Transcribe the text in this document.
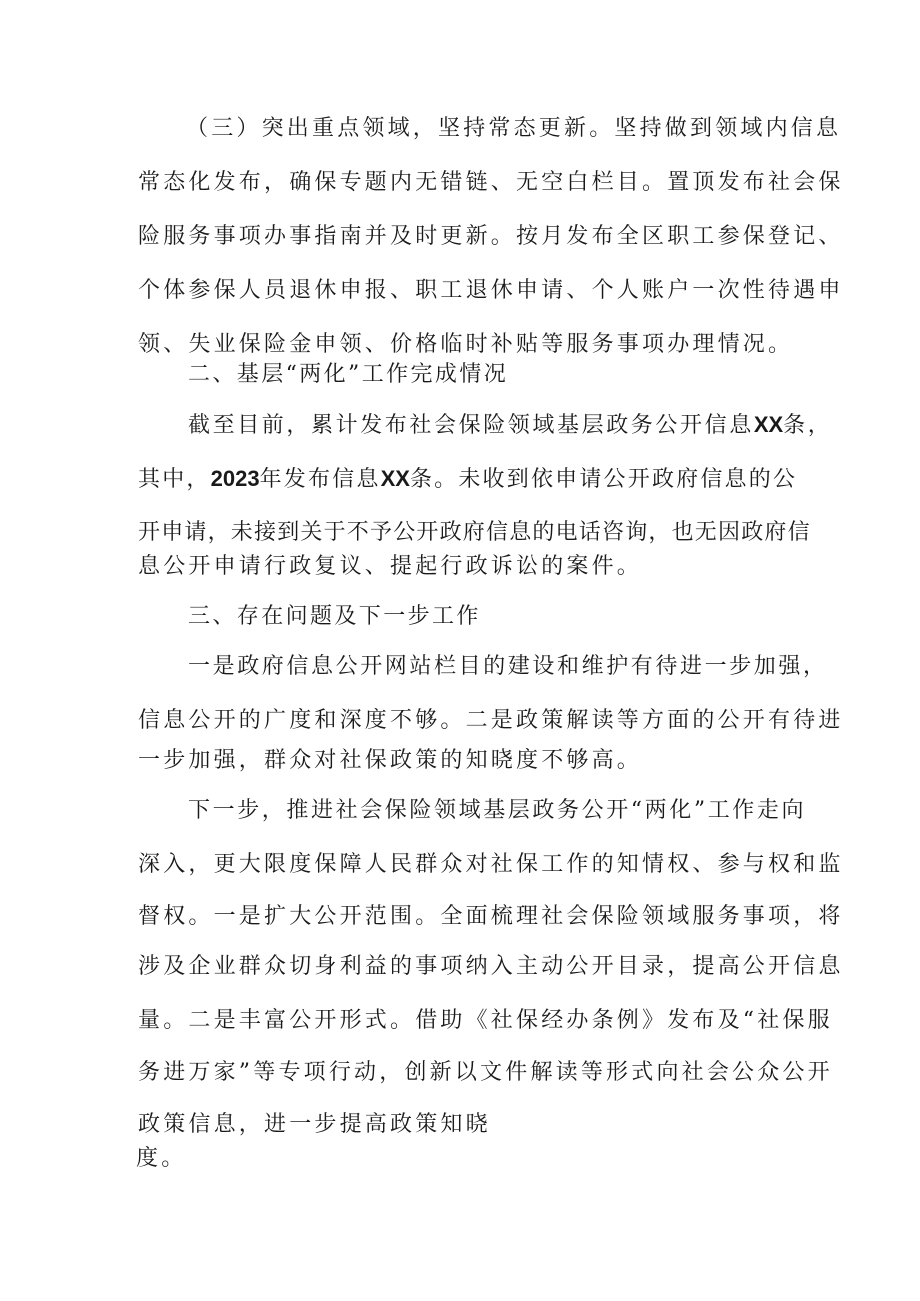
（三）突出重点领域，坚持常态更新。坚持做到领域内信息
常态化发布，确保专题内无错链、无空白栏目。置顶发布社会保
险服务事项办事指南并及时更新。按月发布全区职工参保登记、
个体参保人员退休申报、职工退休申请、个人账户一次性待遇申
领、失业保险金申领、价格临时补贴等服务事项办理情况。
二、基层“两化”工作完成情况
截至目前，累计发布社会保险领域基层政务公开信息XX条，
其中，2023年发布信息XX条。未收到依申请公开政府信息的公
开申请，未接到关于不予公开政府信息的电话咨询，也无因政府信
息公开申请行政复议、提起行政诉讼的案件。
三、存在问题及下一步工作
一是政府信息公开网站栏目的建设和维护有待进一步加强，
信息公开的广度和深度不够。二是政策解读等方面的公开有待进
一步加强，群众对社保政策的知晓度不够高。
下一步，推进社会保险领域基层政务公开“两化”工作走向
深入，更大限度保障人民群众对社保工作的知情权、参与权和监
督权。一是扩大公开范围。全面梳理社会保险领域服务事项，将
涉及企业群众切身利益的事项纳入主动公开目录，提高公开信息
量。二是丰富公开形式。借助《社保经办条例》发布及“社保服
务进万家”等专项行动，创新以文件解读等形式向社会公众公开
政策信息，进一步提高政策知晓
度。
